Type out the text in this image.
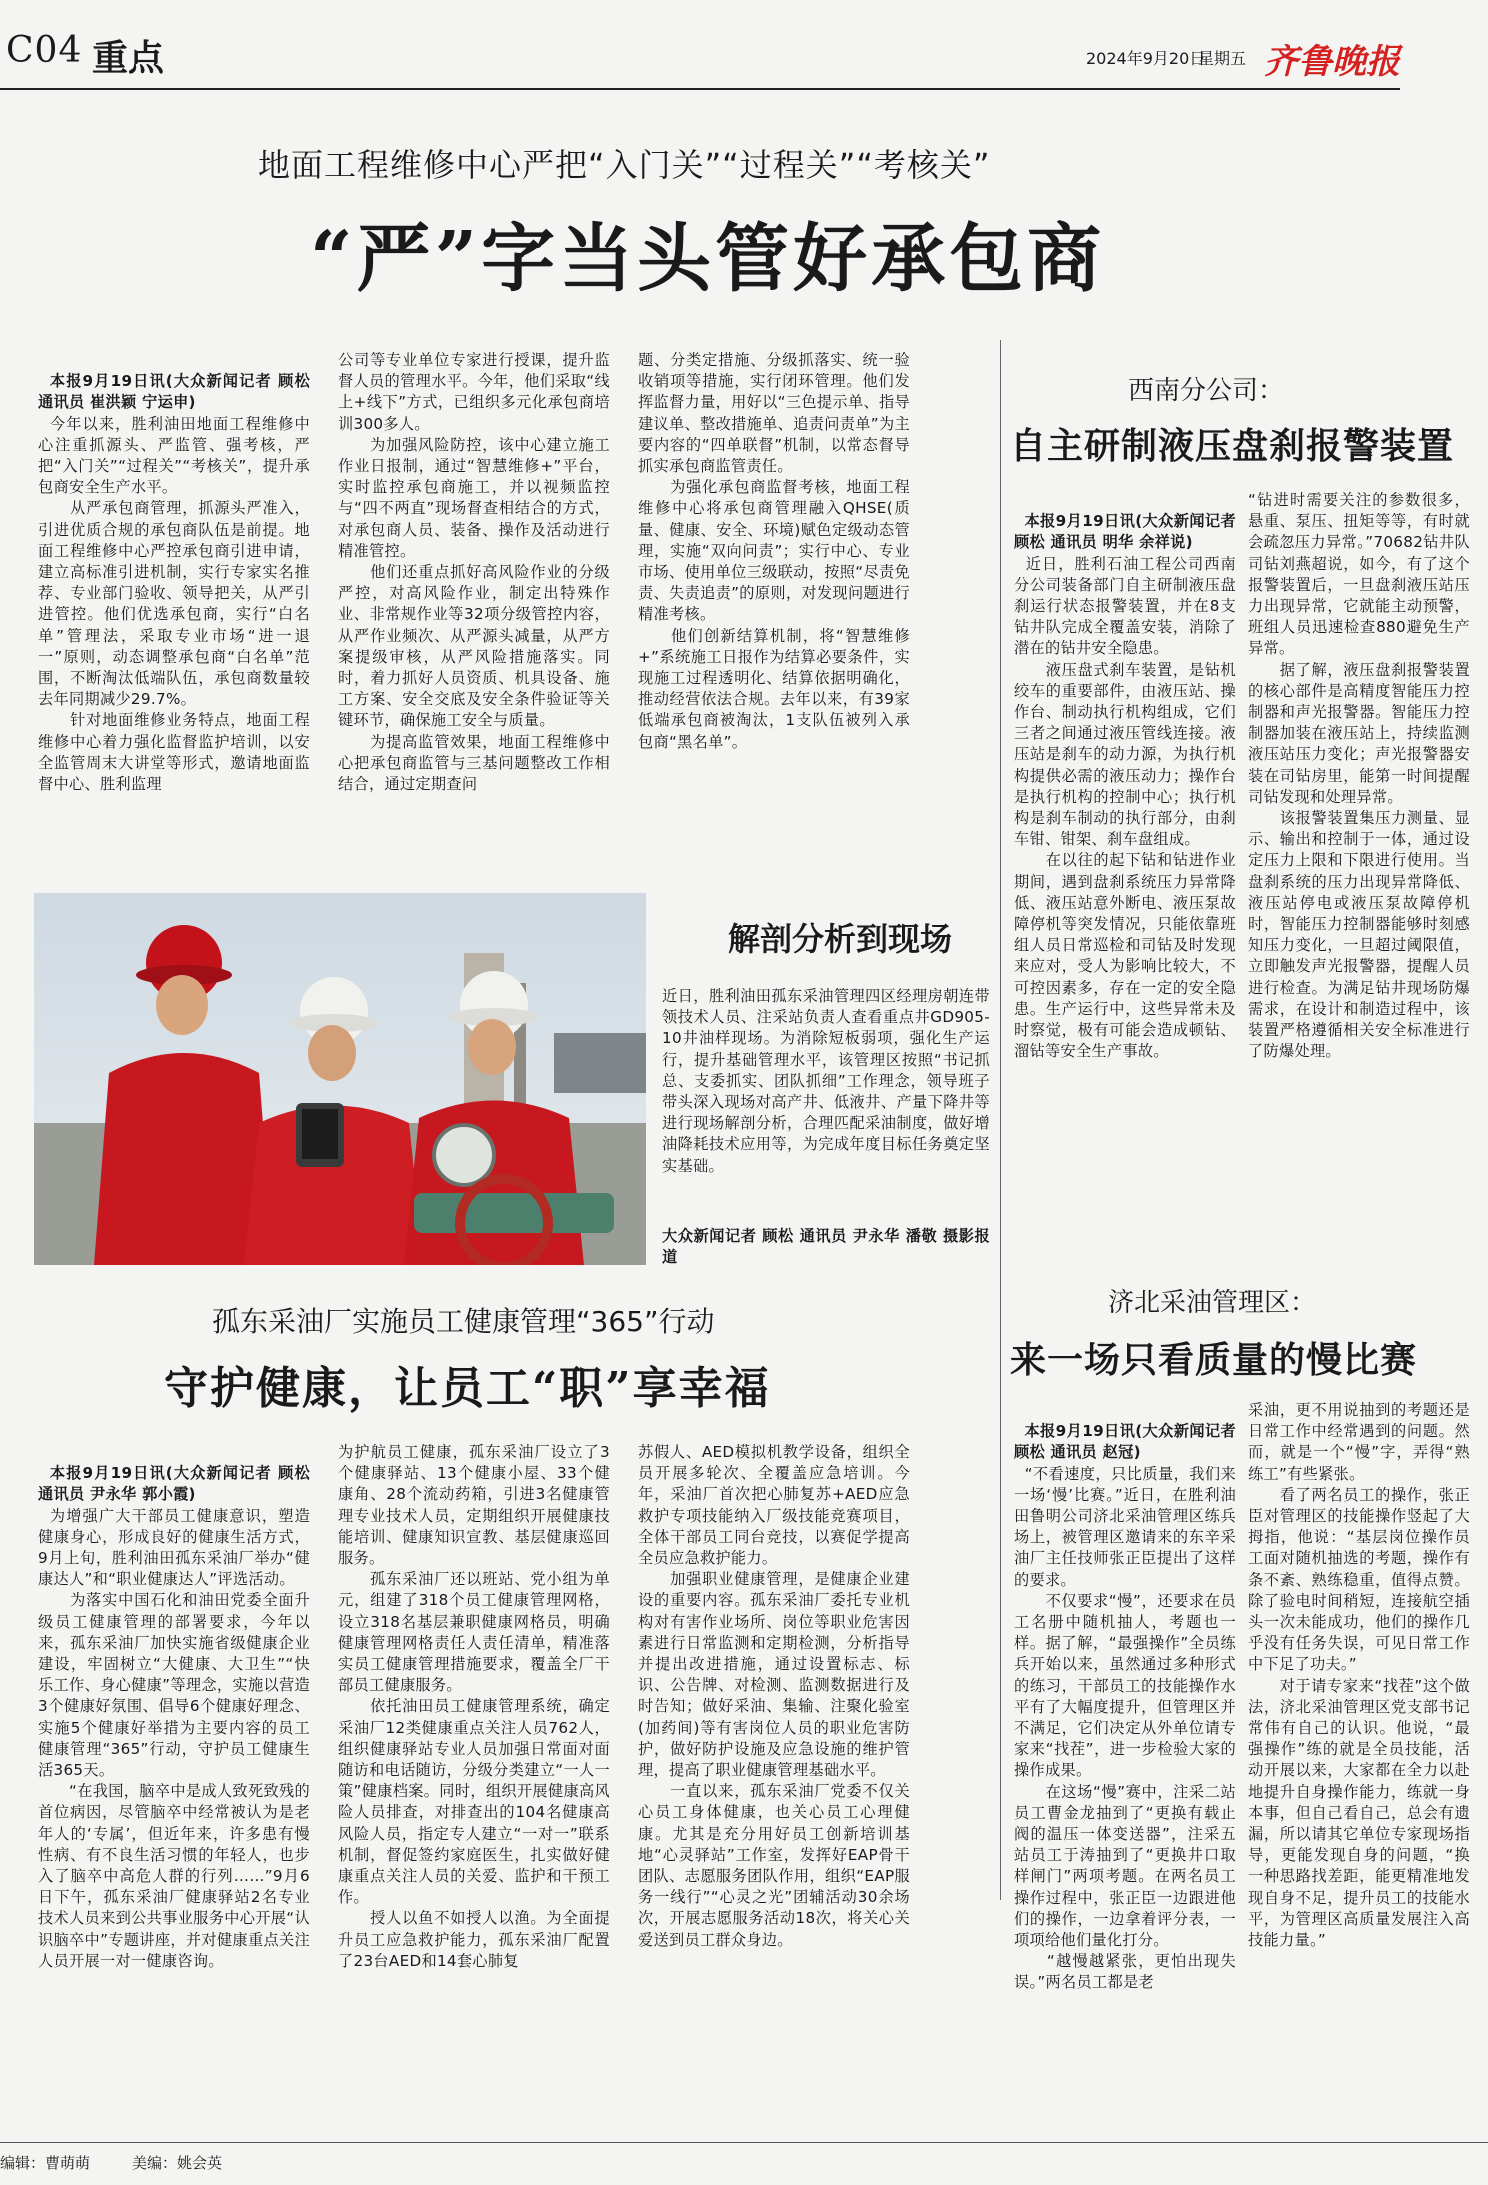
C04 重点	2024年9月20日
星期五 齐鲁晚报
地面工程维修中心严把“入门关”“过程关”“考核关”
“严”字当头管好承包商

本报9月19日讯(大众新闻记者 顾松 通讯员 崔洪颖 宁运申)
今年以来，胜利油田地面工程维修中心注重抓源头、严监管、强考核，严把“入门关”“过程关”“考核关”，提升承包商安全生产水平。
　　从严承包商管理，抓源头严准入，引进优质合规的承包商队伍是前提。地面工程维修中心严控承包商引进申请，建立高标准引进机制，实行专家实名推荐、专业部门验收、领导把关，从严引进管控。他们优选承包商，实行“白名单”管理法，采取专业市场“进一退一”原则，动态调整承包商“白名单”范围，不断淘汰低端队伍，承包商数量较去年同期减少29.7%。
　　针对地面维修业务特点，地面工程维修中心着力强化监督监护培训，以安全监管周末大讲堂等形式，邀请地面监督中心、胜利监理

公司等专业单位专家进行授课，提升监督人员的管理水平。今年，他们采取“线上+线下”方式，已组织多元化承包商培训300多人。
　　为加强风险防控，该中心建立施工作业日报制，通过“智慧维修+”平台，实时监控承包商施工，并以视频监控与“四不两直”现场督查相结合的方式，对承包商人员、装备、操作及活动进行精准管控。
　　他们还重点抓好高风险作业的分级严控，对高风险作业，制定出特殊作业、非常规作业等32项分级管控内容，从严作业频次、从严源头减量，从严方案提级审核，从严风险措施落实。同时，着力抓好人员资质、机具设备、施工方案、安全交底及安全条件验证等关键环节，确保施工安全与质量。
　　为提高监管效果，地面工程维修中心把承包商监管与三基问题整改工作相结合，通过定期查问
题、分类定措施、分级抓落实、统一验收销项等措施，实行闭环管理。他们发挥监督力量，用好以“三色提示单、指导建议单、整改措施单、追责问责单”为主要内容的“四单联督”机制，以常态督导抓实承包商监管责任。
　　为强化承包商监督考核，地面工程维修中心将承包商管理融入QHSE(质量、健康、安全、环境)赋色定级动态管理，实施“双向问责”；实行中心、专业市场、使用单位三级联动，按照“尽责免责、失责追责”的原则，对发现问题进行精准考核。
　　他们创新结算机制，将“智慧维修+”系统施工日报作为结算必要条件，实现施工过程透明化、结算依据明确化，推动经营依法合规。去年以来，有39家低端承包商被淘汰，1支队伍被列入承包商“黑名单”。
西南分公司：
自主研制液压盘刹报警装置

本报9月19日讯(大众新闻记者 顾松 通讯员 明华 余祥说)
近日，胜利石油工程公司西南分公司装备部门自主研制液压盘刹运行状态报警装置，并在8支钻井队完成全覆盖安装，消除了潜在的钻井安全隐患。
　　液压盘式刹车装置，是钻机绞车的重要部件，由液压站、操作台、制动执行机构组成，它们三者之间通过液压管线连接。液压站是刹车的动力源，为执行机构提供必需的液压动力；操作台是执行机构的控制中心；执行机构是刹车制动的执行部分，由刹车钳、钳架、刹车盘组成。
　　在以往的起下钻和钻进作业期间，遇到盘刹系统压力异常降低、液压站意外断电、液压泵故障停机等突发情况，只能依靠班组人员日常巡检和司钻及时发现来应对，受人为影响比较大，不可控因素多，存在一定的安全隐患。生产运行中，这些异常未及时察觉，极有可能会造成顿钻、溜钻等安全生产事故。

“钻进时需要关注的参数很多，悬重、泵压、扭矩等等，有时就会疏忽压力异常。”70682钻井队司钻刘燕超说，如今，有了这个报警装置后，一旦盘刹液压站压力出现异常，它就能主动预警，班组人员迅速检查880避免生产异常。
　　据了解，液压盘刹报警装置的核心部件是高精度智能压力控制器和声光报警器。智能压力控制器加装在液压站上，持续监测液压站压力变化；声光报警器安装在司钻房里，能第一时间提醒司钻发现和处理异常。
　　该报警装置集压力测量、显示、输出和控制于一体，通过设定压力上限和下限进行使用。当盘刹系统的压力出现异常降低、液压站停电或液压泵故障停机时，智能压力控制器能够时刻感知压力变化，一旦超过阈限值，立即触发声光报警器，提醒人员进行检查。为满足钻井现场防爆需求，在设计和制造过程中，该装置严格遵循相关安全标准进行了防爆处理。
解剖分析到现场
近日，胜利油田孤东采油管理四区经理房朝连带领技术人员、注采站负责人查看重点井GD905-10井油样现场。为消除短板弱项，强化生产运行，提升基础管理水平，该管理区按照“书记抓总、支委抓实、团队抓细”工作理念，领导班子带头深入现场对高产井、低液井、产量下降井等进行现场解剖分析，合理匹配采油制度，做好增油降耗技术应用等，为完成年度目标任务奠定坚实基础。
大众新闻记者 顾松 通讯员 尹永华 潘敬 摄影报道
孤东采油厂实施员工健康管理“365”行动
守护健康，让员工“职”享幸福

本报9月19日讯(大众新闻记者 顾松 通讯员 尹永华 郭小霞)
为增强广大干部员工健康意识，塑造健康身心，形成良好的健康生活方式，9月上旬，胜利油田孤东采油厂举办“健康达人”和“职业健康达人”评选活动。
　　为落实中国石化和油田党委全面升级员工健康管理的部署要求，今年以来，孤东采油厂加快实施省级健康企业建设，牢固树立“大健康、大卫生”“快乐工作、身心健康”等理念，实施以营造3个健康好氛围、倡导6个健康好理念、实施5个健康好举措为主要内容的员工健康管理“365”行动，守护员工健康生活365天。
　　“在我国，脑卒中是成人致死致残的首位病因，尽管脑卒中经常被认为是老年人的‘专属’，但近年来，许多患有慢性病、有不良生活习惯的年轻人，也步入了脑卒中高危人群的行列……”9月6日下午，孤东采油厂健康驿站2名专业技术人员来到公共事业服务中心开展“认识脑卒中”专题讲座，并对健康重点关注人员开展一对一健康咨询。

为护航员工健康，孤东采油厂设立了3个健康驿站、13个健康小屋、33个健康角、28个流动药箱，引进3名健康管理专业技术人员，定期组织开展健康技能培训、健康知识宣教、基层健康巡回服务。
　　孤东采油厂还以班站、党小组为单元，组建了318个员工健康管理网格，设立318名基层兼职健康网格员，明确健康管理网格责任人责任清单，精准落实员工健康管理措施要求，覆盖全厂干部员工健康服务。
　　依托油田员工健康管理系统，确定采油厂12类健康重点关注人员762人，组织健康驿站专业人员加强日常面对面随访和电话随访，分级分类建立“一人一策”健康档案。同时，组织开展健康高风险人员排查，对排查出的104名健康高风险人员，指定专人建立“一对一”联系机制，督促签约家庭医生，扎实做好健康重点关注人员的关爱、监护和干预工作。
　　授人以鱼不如授人以渔。为全面提升员工应急救护能力，孤东采油厂配置了23台AED和14套心肺复
苏假人、AED模拟机教学设备，组织全员开展多轮次、全覆盖应急培训。今年，采油厂首次把心肺复苏+AED应急救护专项技能纳入厂级技能竞赛项目，全体干部员工同台竞技，以赛促学提高全员应急救护能力。
　　加强职业健康管理，是健康企业建设的重要内容。孤东采油厂委托专业机构对有害作业场所、岗位等职业危害因素进行日常监测和定期检测，分析指导并提出改进措施，通过设置标志、标识、公告牌、对检测、监测数据进行及时告知；做好采油、集输、注聚化验室(加药间)等有害岗位人员的职业危害防护，做好防护设施及应急设施的维护管理，提高了职业健康管理基础水平。
　　一直以来，孤东采油厂党委不仅关心员工身体健康，也关心员工心理健康。尤其是充分用好员工创新培训基地“心灵驿站”工作室，发挥好EAP骨干团队、志愿服务团队作用，组织“EAP服务一线行”“心灵之光”团辅活动30余场次，开展志愿服务活动18次，将关心关爱送到员工群众身边。
济北采油管理区：
来一场只看质量的慢比赛

本报9月19日讯(大众新闻记者 顾松 通讯员 赵冠)
“不看速度，只比质量，我们来一场‘慢’比赛。”近日，在胜利油田鲁明公司济北采油管理区练兵场上，被管理区邀请来的东辛采油厂主任技师张正臣提出了这样的要求。
　　不仅要求“慢”，还要求在员工名册中随机抽人，考题也一样。据了解，“最强操作”全员练兵开始以来，虽然通过多种形式的练习，干部员工的技能操作水平有了大幅度提升，但管理区并不满足，它们决定从外单位请专家来“找茬”，进一步检验大家的操作成果。
　　在这场“慢”赛中，注采二站员工曹金龙抽到了“更换有载止阀的温压一体变送器”，注采五站员工于涛抽到了“更换井口取样闸门”两项考题。在两名员工操作过程中，张正臣一边跟进他们的操作，一边拿着评分表，一项项给他们量化打分。
　　“越慢越紧张，更怕出现失误。”两名员工都是老

采油，更不用说抽到的考题还是日常工作中经常遇到的问题。然而，就是一个“慢”字，弄得“熟练工”有些紧张。
　　看了两名员工的操作，张正臣对管理区的技能操作竖起了大拇指，他说：“基层岗位操作员工面对随机抽选的考题，操作有条不紊、熟练稳重，值得点赞。除了验电时间稍短，连接航空插头一次未能成功，他们的操作几乎没有任务失误，可见日常工作中下足了功夫。”
　　对于请专家来“找茬”这个做法，济北采油管理区党支部书记常伟有自己的认识。他说，“最强操作”练的就是全员技能，活动开展以来，大家都在全力以赴地提升自身操作能力，练就一身本事，但自己看自己，总会有遗漏，所以请其它单位专家现场指导，更能发现自身的问题，“换一种思路找差距，能更精准地发现自身不足，提升员工的技能水平，为管理区高质量发展注入高技能力量。”
编辑：曹萌萌	美编：姚会英
